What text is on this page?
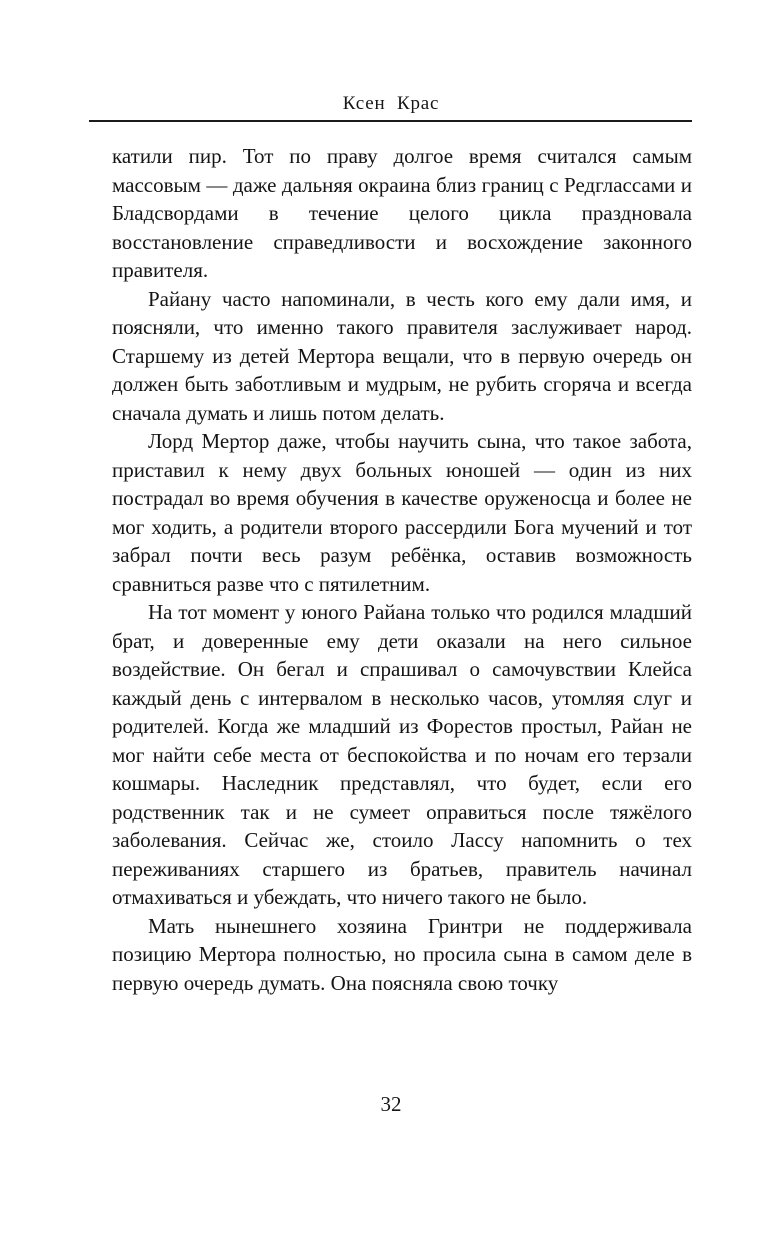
Ксен Крас

катили пир. Тот по праву долгое время считался самым массовым — даже дальняя окраина близ границ с Редглассами и Бладсвордами в течение целого цикла праздновала восстановление справедливости и восхождение законного правителя.

Райану часто напоминали, в честь кого ему дали имя, и поясняли, что именно такого правителя заслуживает народ. Старшему из детей Мертора вещали, что в первую очередь он должен быть заботливым и мудрым, не рубить сгоряча и всегда сначала думать и лишь потом делать.

Лорд Мертор даже, чтобы научить сына, что такое забота, приставил к нему двух больных юношей — один из них пострадал во время обучения в качестве оруженосца и более не мог ходить, а родители второго рассердили Бога мучений и тот забрал почти весь разум ребёнка, оставив возможность сравниться разве что с пятилетним.

На тот момент у юного Райана только что родился младший брат, и доверенные ему дети оказали на него сильное воздействие. Он бегал и спрашивал о самочувствии Клейса каждый день с интервалом в несколько часов, утомляя слуг и родителей. Когда же младший из Форестов простыл, Райан не мог найти себе места от беспокойства и по ночам его терзали кошмары. Наследник представлял, что будет, если его родственник так и не сумеет оправиться после тяжёлого заболевания. Сейчас же, стоило Лассу напомнить о тех переживаниях старшего из братьев, правитель начинал отмахиваться и убеждать, что ничего такого не было.

Мать нынешнего хозяина Гринтри не поддерживала позицию Мертора полностью, но просила сына в самом деле в первую очередь думать. Она поясняла свою точку

32
